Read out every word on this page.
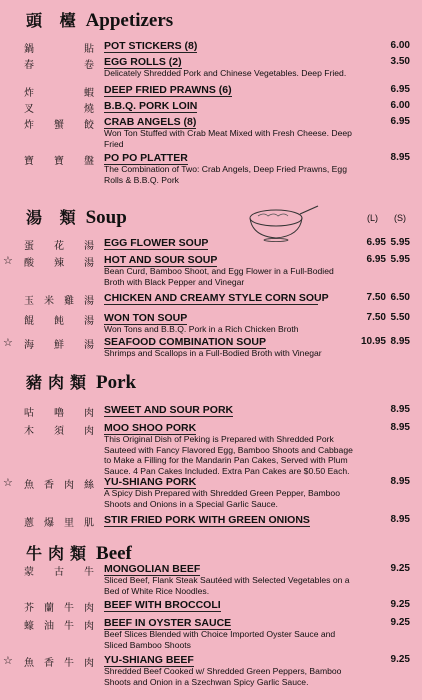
頭 檯 Appetizers
鍋貼 POT STICKERS (8)	6.00
春卷 EGG ROLLS (2)	3.50
Delicately Shredded Pork and Chinese Vegetables. Deep Fried.
炸蝦 DEEP FRIED PRAWNS (6)	6.95
叉燒 B.B.Q. PORK LOIN	6.00
炸蟹餃 CRAB ANGELS (8)	6.95
Won Ton Stuffed with Crab Meat Mixed with Fresh Cheese. Deep Fried
寶寶盤 PO PO PLATTER	8.95
The Combination of Two: Crab Angels, Deep Fried Prawns, Egg Rolls & B.B.Q. Pork
湯 類 Soup	(L) (S)
蛋花湯 EGG FLOWER SOUP	6.95 5.95
☆ 酸辣湯 HOT AND SOUR SOUP	6.95 5.95
Bean Curd, Bamboo Shoot, and Egg Flower in a Full-Bodied Broth with Black Pepper and Vinegar
玉米雞湯 CHICKEN AND CREAMY STYLE CORN SOUP	7.50 6.50
餛飩湯 WON TON SOUP	7.50 5.50
Won Tons and B.B.Q. Pork in a Rich Chicken Broth
☆ 海鮮湯 SEAFOOD COMBINATION SOUP	10.95 8.95
Shrimps and Scallops in a Full-Bodied Broth with Vinegar
豬肉類 Pork
咕嚕肉 SWEET AND SOUR PORK	8.95
木須肉 MOO SHOO PORK	8.95
This Original Dish of Peking is Prepared with Shredded Pork Sauteed with Fancy Flavored Egg, Bamboo Shoots and Cabbage to Make a Filling for the Mandarin Pan Cakes, Served with Plum Sauce. 4 Pan Cakes Included. Extra Pan Cakes are $0.50 Each.
☆ 魚香肉絲 YU-SHIANG PORK	8.95
A Spicy Dish Prepared with Shredded Green Pepper, Bamboo Shoots and Onions in a Special Garlic Sauce.
蔥爆里肌 STIR FRIED PORK WITH GREEN ONIONS	8.95
牛肉類 Beef
蒙古牛 MONGOLIAN BEEF	9.25
Sliced Beef, Flank Steak Sautéed with Selected Vegetables on a Bed of White Rice Noodles.
芥蘭牛肉 BEEF WITH BROCCOLI	9.25
蠔油牛肉 BEEF IN OYSTER SAUCE	9.25
Beef Slices Blended with Choice Imported Oyster Sauce and Sliced Bamboo Shoots
☆ 魚香牛肉 YU-SHIANG BEEF	9.25
Shredded Beef Cooked w/ Shredded Green Peppers, Bamboo Shoots and Onion in a Szechwan Spicy Garlic Sauce.
